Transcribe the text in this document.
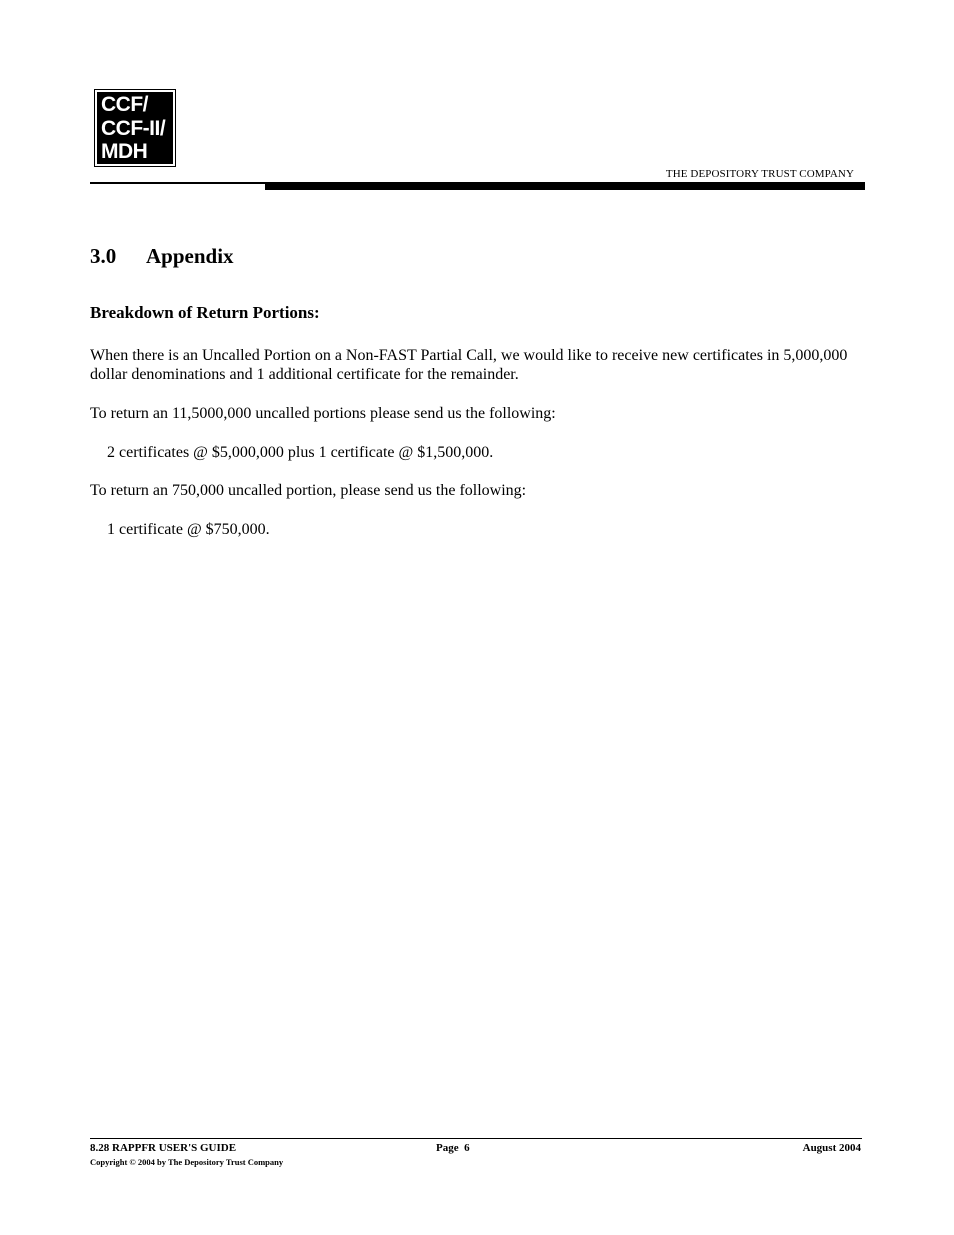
CCF/
CCF-II/
MDH
THE DEPOSITORY TRUST COMPANY
3.0 Appendix
Breakdown of Return Portions:
When there is an Uncalled Portion on a Non-FAST Partial Call, we would like to receive new certificates in 5,000,000 dollar denominations and 1 additional certificate for the remainder.
To return an 11,5000,000 uncalled portions please send us the following:
2 certificates @ $5,000,000 plus 1 certificate @ $1,500,000.
To return an 750,000 uncalled portion, please send us the following:
1 certificate @ $750,000.
8.28 RAPPFR USER'S GUIDE
Copyright © 2004 by The Depository Trust Company
Page  6	August 2004
